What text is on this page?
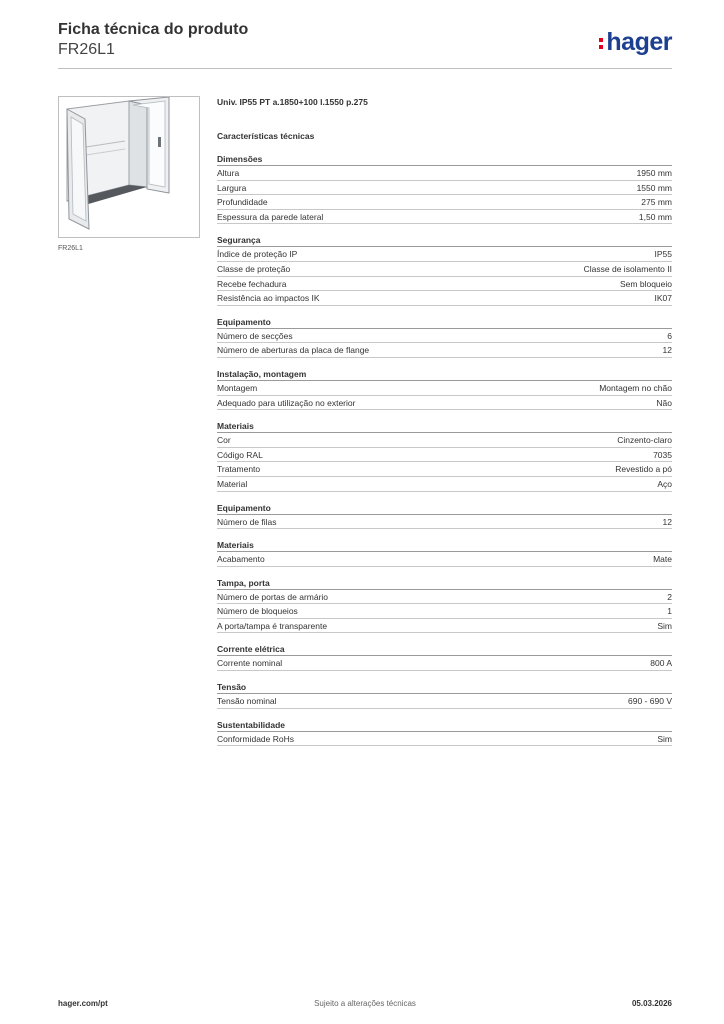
Ficha técnica do produto
FR26L1	hager
FR26L1
Univ. IP55 PT a.1850+100 l.1550 p.275
Características técnicas
Dimensões
Altura	1950 mm
Largura	1550 mm
Profundidade	275 mm
Espessura da parede lateral	1,50 mm
Segurança
Índice de proteção IP	IP55
Classe de proteção	Classe de isolamento II
Recebe fechadura	Sem bloqueio
Resistência ao impactos IK	IK07
Equipamento
Número de secções	6
Número de aberturas da placa de flange	12
Instalação, montagem
Montagem	Montagem no chão
Adequado para utilização no exterior	Não
Materiais
Cor	Cinzento-claro
Código RAL	7035
Tratamento	Revestido a pó
Material	Aço
Equipamento
Número de filas	12
Materiais
Acabamento	Mate
Tampa, porta
Número de portas de armário	2
Número de bloqueios	1
A porta/tampa é transparente	Sim
Corrente elétrica
Corrente nominal	800 A
Tensão
Tensão nominal	690 - 690 V
Sustentabilidade
Conformidade RoHs	Sim
Sujeito a alterações técnicas
hager.com/pt	05.03.2026
